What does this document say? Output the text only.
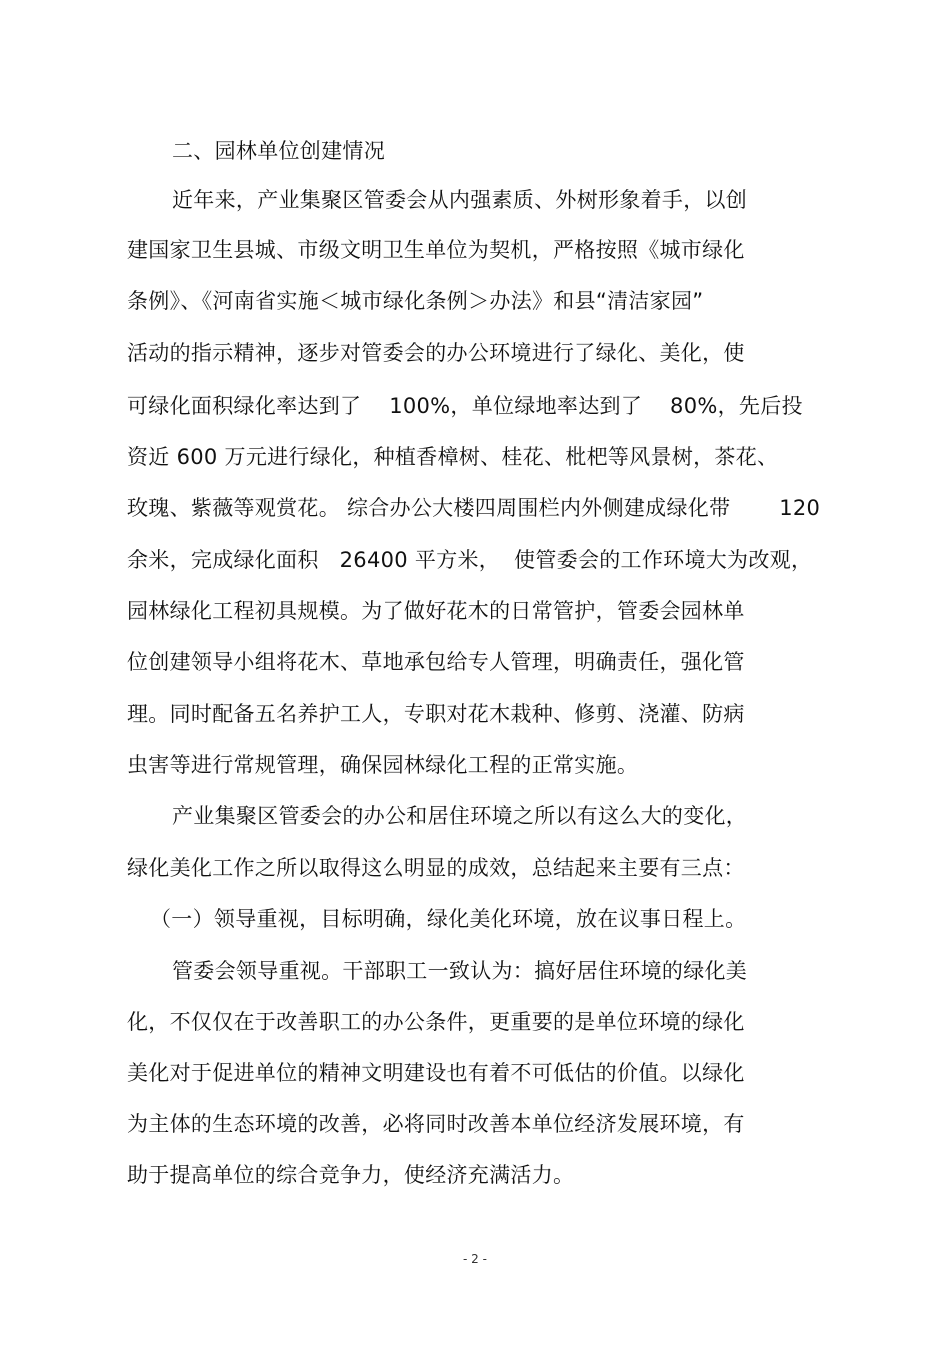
二、园林单位创建情况
近年来，产业集聚区管委会从内强素质、外树形象着手，以创
建国家卫生县城、市级文明卫生单位为契机，严格按照《城市绿化
条例》、《河南省实施＜城市绿化条例＞办法》和县“清洁家园”
活动的指示精神，逐步对管委会的办公环境进行了绿化、美化，使
可绿化面积绿化率达到了    100%，单位绿地率达到了    80%，先后投
资近 600 万元进行绿化，种植香樟树、桂花、枇杷等风景树，茶花、
玫瑰、紫薇等观赏花。 综合办公大楼四周围栏内外侧建成绿化带       120
余米，完成绿化面积   26400 平方米，  使管委会的工作环境大为改观，
园林绿化工程初具规模。为了做好花木的日常管护，管委会园林单
位创建领导小组将花木、草地承包给专人管理，明确责任，强化管
理。同时配备五名养护工人，专职对花木栽种、修剪、浇灌、防病
虫害等进行常规管理，确保园林绿化工程的正常实施。
产业集聚区管委会的办公和居住环境之所以有这么大的变化，
绿化美化工作之所以取得这么明显的成效，总结起来主要有三点：
（一）领导重视，目标明确，绿化美化环境，放在议事日程上。
管委会领导重视。干部职工一致认为：搞好居住环境的绿化美
化，不仅仅在于改善职工的办公条件，更重要的是单位环境的绿化
美化对于促进单位的精神文明建设也有着不可低估的价值。以绿化
为主体的生态环境的改善，必将同时改善本单位经济发展环境，有
助于提高单位的综合竞争力，使经济充满活力。
- 2 -
